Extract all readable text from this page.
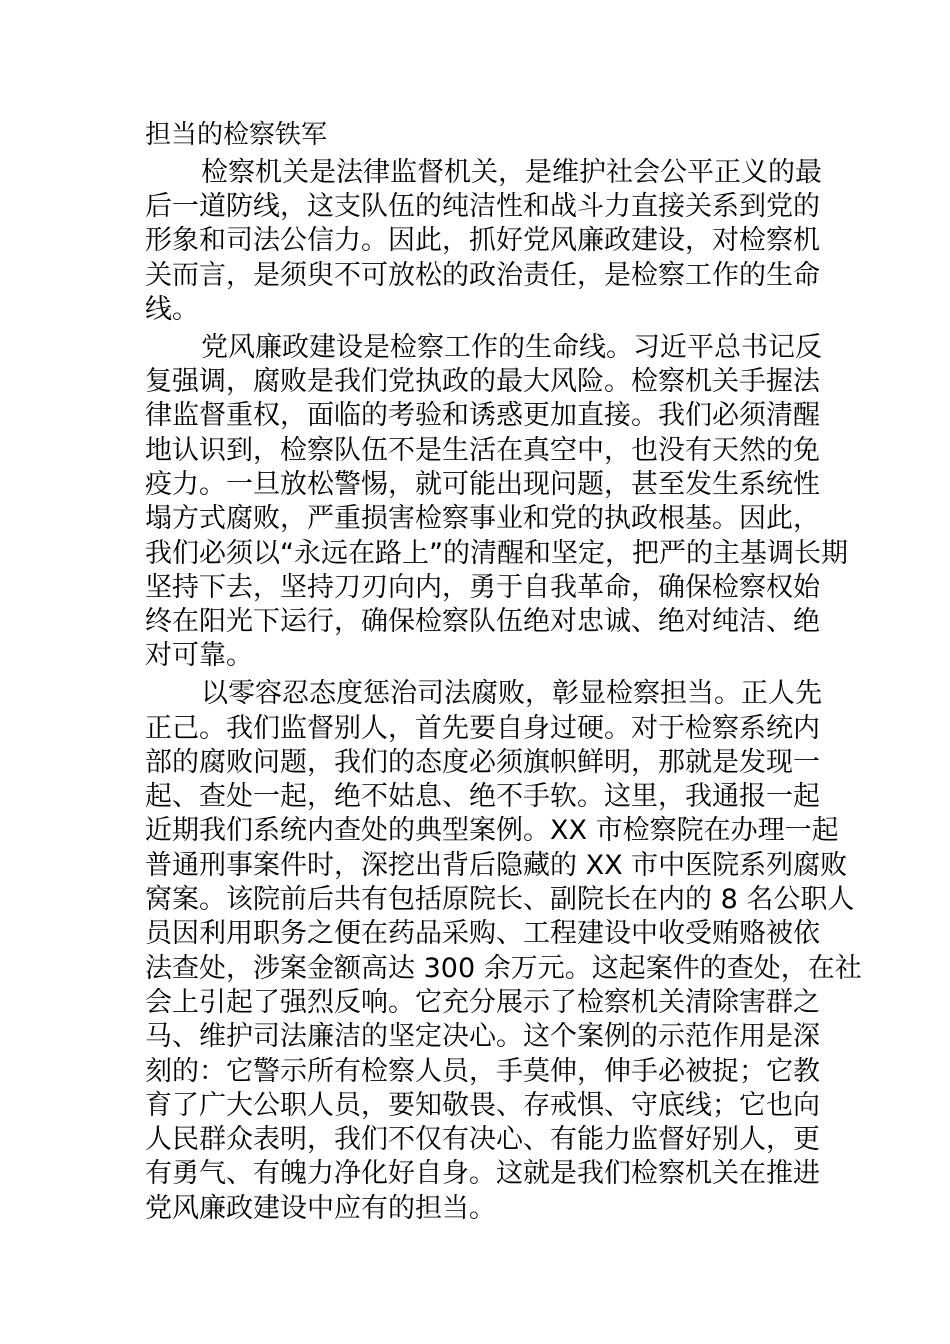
担当的检察铁军
检察机关是法律监督机关，是维护社会公平正义的最
后一道防线，这支队伍的纯洁性和战斗力直接关系到党的
形象和司法公信力。因此，抓好党风廉政建设，对检察机
关而言，是须臾不可放松的政治责任，是检察工作的生命
线。
党风廉政建设是检察工作的生命线。习近平总书记反
复强调，腐败是我们党执政的最大风险。检察机关手握法
律监督重权，面临的考验和诱惑更加直接。我们必须清醒
地认识到，检察队伍不是生活在真空中，也没有天然的免
疫力。一旦放松警惕，就可能出现问题，甚至发生系统性
塌方式腐败，严重损害检察事业和党的执政根基。因此，
我们必须以“永远在路上”的清醒和坚定，把严的主基调长期
坚持下去，坚持刀刃向内，勇于自我革命，确保检察权始
终在阳光下运行，确保检察队伍绝对忠诚、绝对纯洁、绝
对可靠。
以零容忍态度惩治司法腐败，彰显检察担当。正人先
正己。我们监督别人，首先要自身过硬。对于检察系统内
部的腐败问题，我们的态度必须旗帜鲜明，那就是发现一
起、查处一起，绝不姑息、绝不手软。这里，我通报一起
近期我们系统内查处的典型案例。XX 市检察院在办理一起
普通刑事案件时，深挖出背后隐藏的 XX 市中医院系列腐败
窝案。该院前后共有包括原院长、副院长在内的 8 名公职人
员因利用职务之便在药品采购、工程建设中收受贿赂被依
法查处，涉案金额高达 300 余万元。这起案件的查处，在社
会上引起了强烈反响。它充分展示了检察机关清除害群之
马、维护司法廉洁的坚定决心。这个案例的示范作用是深
刻的：它警示所有检察人员，手莫伸，伸手必被捉；它教
育了广大公职人员，要知敬畏、存戒惧、守底线；它也向
人民群众表明，我们不仅有决心、有能力监督好别人，更
有勇气、有魄力净化好自身。这就是我们检察机关在推进
党风廉政建设中应有的担当。
